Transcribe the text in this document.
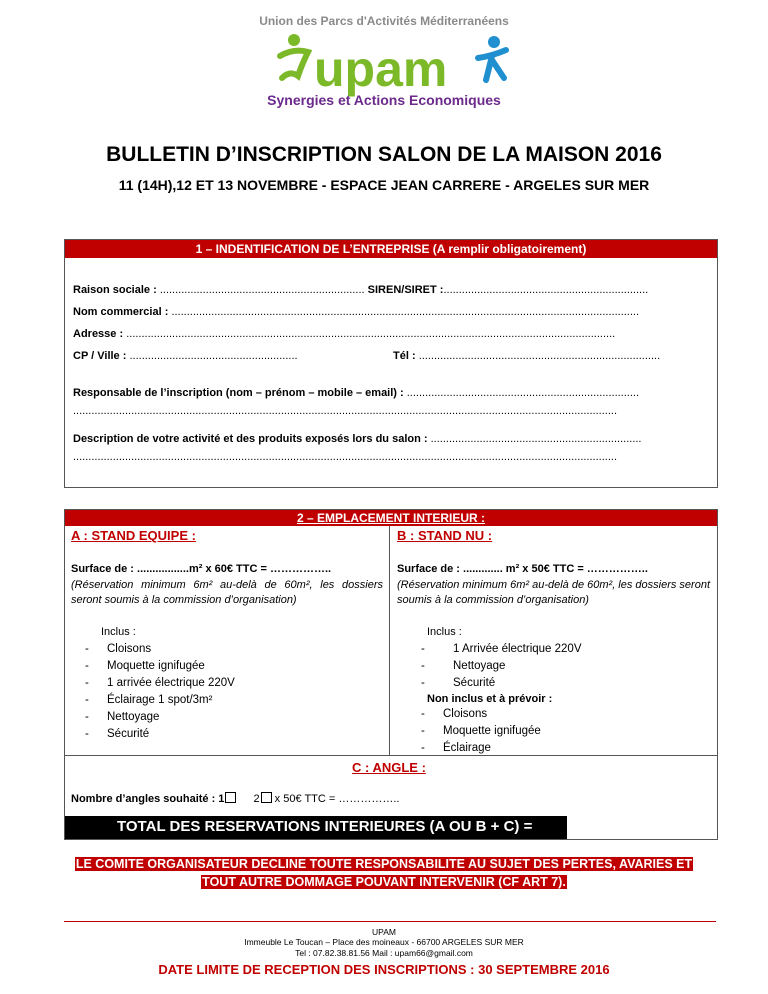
Union des Parcs d'Activités Méditerranéens
upam
Synergies et Actions Economiques
BULLETIN D’INSCRIPTION SALON DE LA MAISON 2016
11 (14H),12 ET 13 NOVEMBRE - ESPACE JEAN CARRERE - ARGELES SUR MER
1 – INDENTIFICATION DE L’ENTREPRISE (A remplir obligatoirement)
Raison sociale : ................................................................... SIREN/SIRET :...................................................................
Nom commercial : .........................................................................................................................................................
Adresse : ................................................................................................................................................................
CP / Ville : .......................................................	Tél : ...............................................................................
Responsable de l’inscription (nom – prénom – mobile – email) : ............................................................................
..................................................................................................................................................................................
Description de votre activité et des produits exposés lors du salon : .....................................................................
..................................................................................................................................................................................
2 – EMPLACEMENT INTERIEUR :
A : STAND EQUIPE :	B : STAND NU :
Surface de : .................m² x 60€ TTC = ……………..
(Réservation minimum 6m² au-delà de 60m², les dossiers seront soumis à la commission d’organisation)
Inclus :
- Cloisons
- Moquette ignifugée
- 1 arrivée électrique 220V
- Éclairage 1 spot/3m²
- Nettoyage
- Sécurité
Surface de : ............. m² x 50€ TTC = ……………..
(Réservation minimum 6m² au-delà de 60m², les dossiers seront soumis à la commission d’organisation)
Inclus :
- 1 Arrivée électrique 220V
- Nettoyage
- Sécurité
Non inclus et à prévoir :
- Cloisons
- Moquette ignifugée
- Éclairage
C : ANGLE :
Nombre d’angles souhaité : 1	2 x 50€ TTC = ……………..
TOTAL DES RESERVATIONS INTERIEURES (A OU B + C) =
LE COMITE ORGANISATEUR DECLINE TOUTE RESPONSABILITE AU SUJET DES PERTES, AVARIES ET
TOUT AUTRE DOMMAGE POUVANT INTERVENIR (CF ART 7).
UPAM
Immeuble Le Toucan – Place des moineaux - 66700 ARGELES SUR MER
Tel : 07.82.38.81.56 Mail : upam66@gmail.com
DATE LIMITE DE RECEPTION DES INSCRIPTIONS : 30 SEPTEMBRE 2016
